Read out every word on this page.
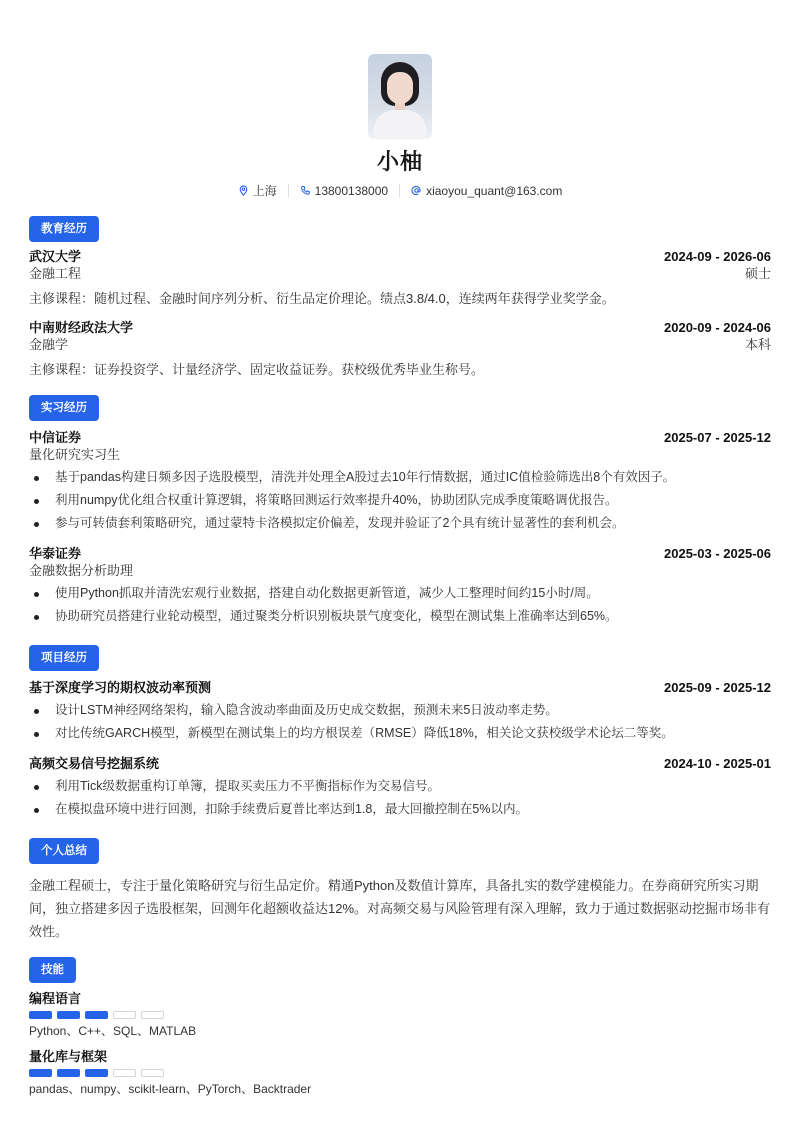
小柚
上海	13800138000	xiaoyou_quant@163.com
教育经历
武汉大学	2024-09 - 2026-06
金融工程	硕士
主修课程：随机过程、金融时间序列分析、衍生品定价理论。绩点3.8/4.0，连续两年获得学业奖学金。
中南财经政法大学	2020-09 - 2024-06
金融学	本科
主修课程：证券投资学、计量经济学、固定收益证券。获校级优秀毕业生称号。
实习经历
中信证券	2025-07 - 2025-12
量化研究实习生
基于pandas构建日频多因子选股模型，清洗并处理全A股过去10年行情数据，通过IC值检验筛选出8个有效因子。
利用numpy优化组合权重计算逻辑，将策略回测运行效率提升40%，协助团队完成季度策略调优报告。
参与可转债套利策略研究，通过蒙特卡洛模拟定价偏差，发现并验证了2个具有统计显著性的套利机会。
华泰证券	2025-03 - 2025-06
金融数据分析助理
使用Python抓取并清洗宏观行业数据，搭建自动化数据更新管道，减少人工整理时间约15小时/周。
协助研究员搭建行业轮动模型，通过聚类分析识别板块景气度变化，模型在测试集上准确率达到65%。
项目经历
基于深度学习的期权波动率预测	2025-09 - 2025-12
设计LSTM神经网络架构，输入隐含波动率曲面及历史成交数据，预测未来5日波动率走势。
对比传统GARCH模型，新模型在测试集上的均方根误差（RMSE）降低18%，相关论文获校级学术论坛二等奖。
高频交易信号挖掘系统	2024-10 - 2025-01
利用Tick级数据重构订单簿，提取买卖压力不平衡指标作为交易信号。
在模拟盘环境中进行回测，扣除手续费后夏普比率达到1.8，最大回撤控制在5%以内。
个人总结
金融工程硕士，专注于量化策略研究与衍生品定价。精通Python及数值计算库，具备扎实的数学建模能力。在券商研究所实习期间，独立搭建多因子选股框架，回测年化超额收益达12%。对高频交易与风险管理有深入理解，致力于通过数据驱动挖掘市场非有效性。
技能
编程语言
Python、C++、SQL、MATLAB
量化库与框架
pandas、numpy、scikit-learn、PyTorch、Backtrader
